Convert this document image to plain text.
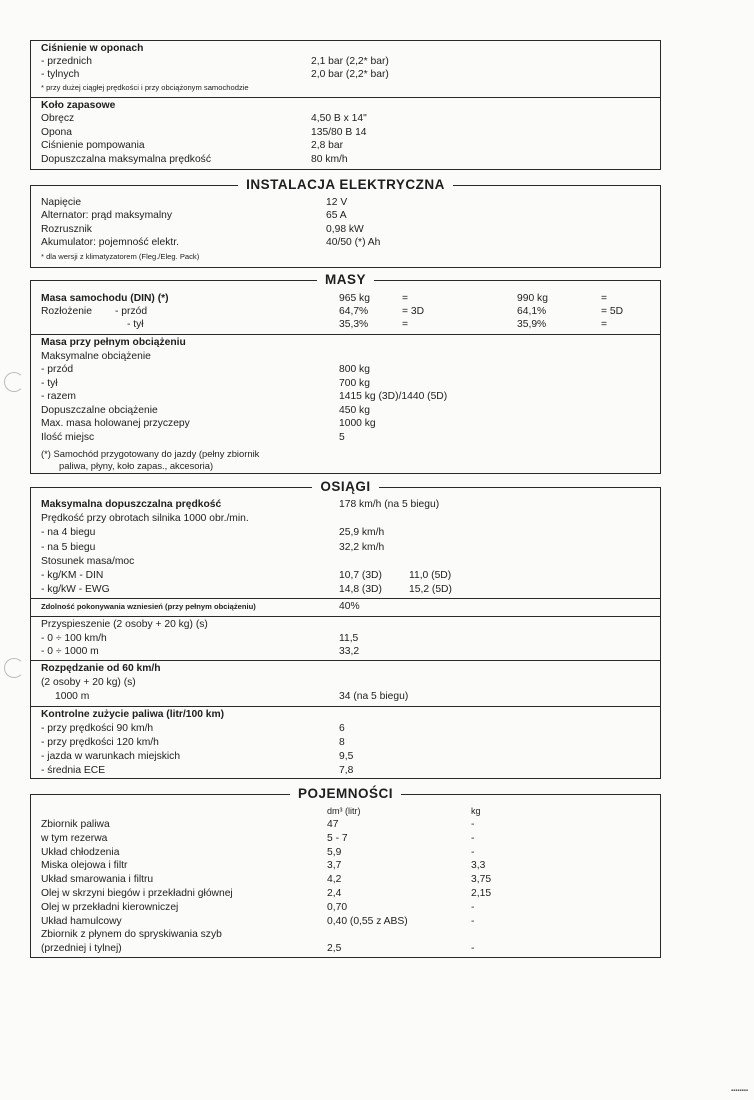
Ciśnienie w oponach
- przednich	2,1 bar (2,2* bar)
- tylnych	2,0 bar (2,2* bar)
* przy dużej ciągłej prędkości i przy obciążonym samochodzie
Koło zapasowe
Obręcz	4,50 B x 14"
Opona	135/80 B 14
Ciśnienie pompowania	2,8 bar
Dopuszczalna maksymalna prędkość	80 km/h
INSTALACJA ELEKTRYCZNA
Napięcie	12 V
Alternator: prąd maksymalny	65 A
Rozrusznik	0,98 kW
Akumulator: pojemność elektr.	40/50 (*) Ah
* dla wersji z klimatyzatorem (Fleg./Eleg. Pack)
MASY
Masa samochodu (DIN) (*)	965 kg	=	990 kg	=
Rozłożenie - przód	64,7%	= 3D	64,1%	= 5D
- tył	35,3%	=	35,9%	=
Masa przy pełnym obciążeniu
Maksymalne obciążenie
- przód	800 kg
- tył	700 kg
- razem	1415 kg (3D)/1440 (5D)
Dopuszczalne obciążenie	450 kg
Max. masa holowanej przyczepy	1000 kg
Ilość miejsc	5
(*) Samochód przygotowany do jazdy (pełny zbiornik
paliwa, płyny, koło zapas., akcesoria)
OSIĄGI
Maksymalna dopuszczalna prędkość	178 km/h (na 5 biegu)
Prędkość przy obrotach silnika 1000 obr./min.
- na 4 biegu	25,9 km/h
- na 5 biegu	32,2 km/h
Stosunek masa/moc
- kg/KM - DIN	10,7 (3D)	11,0 (5D)
- kg/kW - EWG	14,8 (3D)	15,2 (5D)
Zdolność pokonywania wzniesień (przy pełnym obciążeniu)	40%
Przyspieszenie (2 osoby + 20 kg) (s)
- 0 ÷ 100 km/h	11,5
- 0 ÷ 1000 m	33,2
Rozpędzanie od 60 km/h
(2 osoby + 20 kg) (s)
1000 m	34 (na 5 biegu)
Kontrolne zużycie paliwa (litr/100 km)
- przy prędkości 90 km/h	6
- przy prędkości 120 km/h	8
- jazda w warunkach miejskich	9,5
- średnia ECE	7,8
POJEMNOŚCI
dm³ (litr)	kg
Zbiornik paliwa	47	-
w tym rezerwa	5 - 7	-
Układ chłodzenia	5,9	-
Miska olejowa i filtr	3,7	3,3
Układ smarowania i filtru	4,2	3,75
Olej w skrzyni biegów i przekładni głównej	2,4	2,15
Olej w przekładni kierowniczej	0,70	-
Układ hamulcowy	0,40 (0,55 z ABS)	-
Zbiornik z płynem do spryskiwania szyb
(przedniej i tylnej)	2,5	-
▪▪▪▪▪▪▪▪
